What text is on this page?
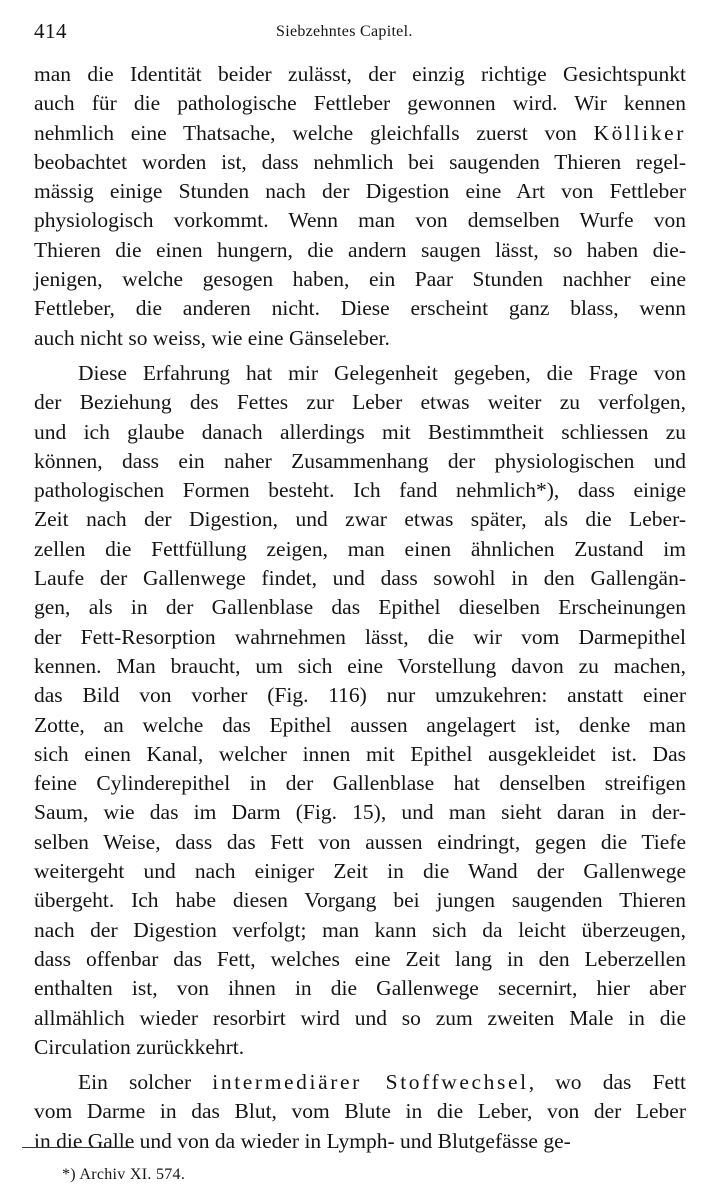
414	Siebzehntes Capitel.
man die Identität beider zulässt, der einzig richtige Gesichtspunkt
auch für die pathologische Fettleber gewonnen wird. Wir kennen
nehmlich eine Thatsache, welche gleichfalls zuerst von Kölliker
beobachtet worden ist, dass nehmlich bei saugenden Thieren regel-
mässig einige Stunden nach der Digestion eine Art von Fettleber
physiologisch vorkommt. Wenn man von demselben Wurfe von
Thieren die einen hungern, die andern saugen lässt, so haben die-
jenigen, welche gesogen haben, ein Paar Stunden nachher eine
Fettleber, die anderen nicht. Diese erscheint ganz blass, wenn
auch nicht so weiss, wie eine Gänseleber.
Diese Erfahrung hat mir Gelegenheit gegeben, die Frage von
der Beziehung des Fettes zur Leber etwas weiter zu verfolgen,
und ich glaube danach allerdings mit Bestimmtheit schliessen zu
können, dass ein naher Zusammenhang der physiologischen und
pathologischen Formen besteht. Ich fand nehmlich*), dass einige
Zeit nach der Digestion, und zwar etwas später, als die Leber-
zellen die Fettfüllung zeigen, man einen ähnlichen Zustand im
Laufe der Gallenwege findet, und dass sowohl in den Gallengän-
gen, als in der Gallenblase das Epithel dieselben Erscheinungen
der Fett-Resorption wahrnehmen lässt, die wir vom Darmepithel
kennen. Man braucht, um sich eine Vorstellung davon zu machen,
das Bild von vorher (Fig. 116) nur umzukehren: anstatt einer
Zotte, an welche das Epithel aussen angelagert ist, denke man
sich einen Kanal, welcher innen mit Epithel ausgekleidet ist. Das
feine Cylinderepithel in der Gallenblase hat denselben streifigen
Saum, wie das im Darm (Fig. 15), und man sieht daran in der-
selben Weise, dass das Fett von aussen eindringt, gegen die Tiefe
weitergeht und nach einiger Zeit in die Wand der Gallenwege
übergeht. Ich habe diesen Vorgang bei jungen saugenden Thieren
nach der Digestion verfolgt; man kann sich da leicht überzeugen,
dass offenbar das Fett, welches eine Zeit lang in den Leberzellen
enthalten ist, von ihnen in die Gallenwege secernirt, hier aber
allmählich wieder resorbirt wird und so zum zweiten Male in die
Circulation zurückkehrt.
Ein solcher intermediärer Stoffwechsel, wo das Fett
vom Darme in das Blut, vom Blute in die Leber, von der Leber
in die Galle und von da wieder in Lymph- und Blutgefässe ge-
*) Archiv XI. 574.
